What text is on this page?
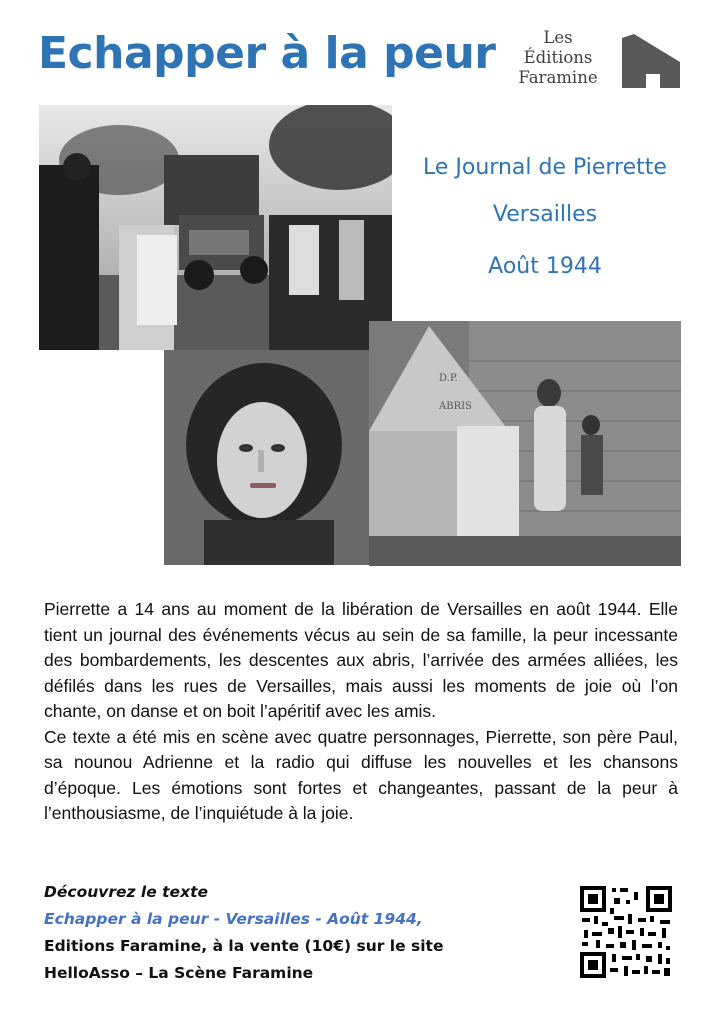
Echapper à la peur	Les
Éditions
Faramine
Le Journal de Pierrette
Versailles
Août 1944
D.P.
ABRIS

Pierrette a 14 ans au moment de la libération de Versailles en août 1944. Elle tient un journal des événements vécus au sein de sa famille, la peur incessante des bombardements, les descentes aux abris, l’arrivée des armées alliées, les défilés dans les rues de Versailles, mais aussi les moments de joie où l’on chante, on danse et on boit l’apéritif avec les amis.

Ce texte a été mis en scène avec quatre personnages, Pierrette, son père Paul, sa nounou Adrienne et la radio qui diffuse les nouvelles et les chansons d’époque. Les émotions sont fortes et changeantes, passant de la peur à l’enthousiasme, de l’inquiétude à la joie.

Découvrez le texte
Echapper à la peur - Versailles - Août 1944,
Editions Faramine, à la vente (10€) sur le site
HelloAsso – La Scène Faramine
